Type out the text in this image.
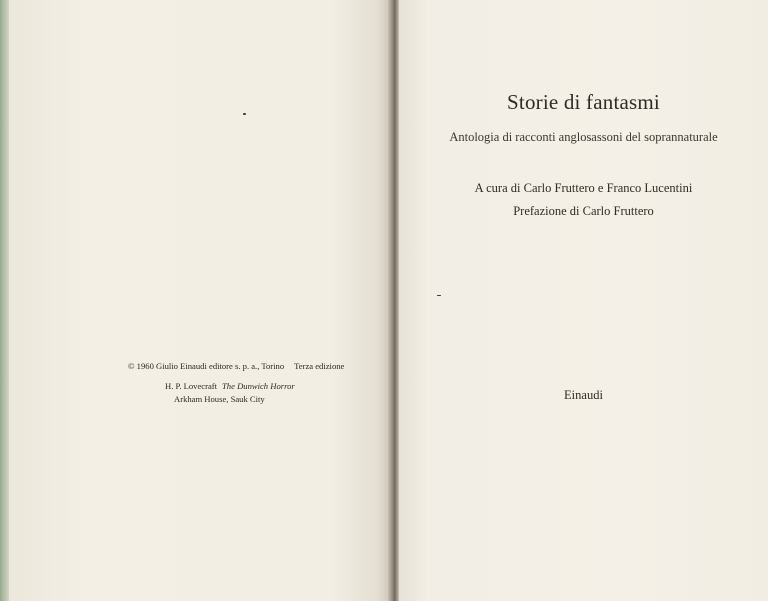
© 1960 Giulio Einaudi editore s. p. a., Torino Terza edizione
H. P. Lovecraft The Dunwich Horror
Arkham House, Sauk City
Storie di fantasmi
Antologia di racconti anglosassoni del soprannaturale
A cura di Carlo Fruttero e Franco Lucentini
Prefazione di Carlo Fruttero
Einaudi
